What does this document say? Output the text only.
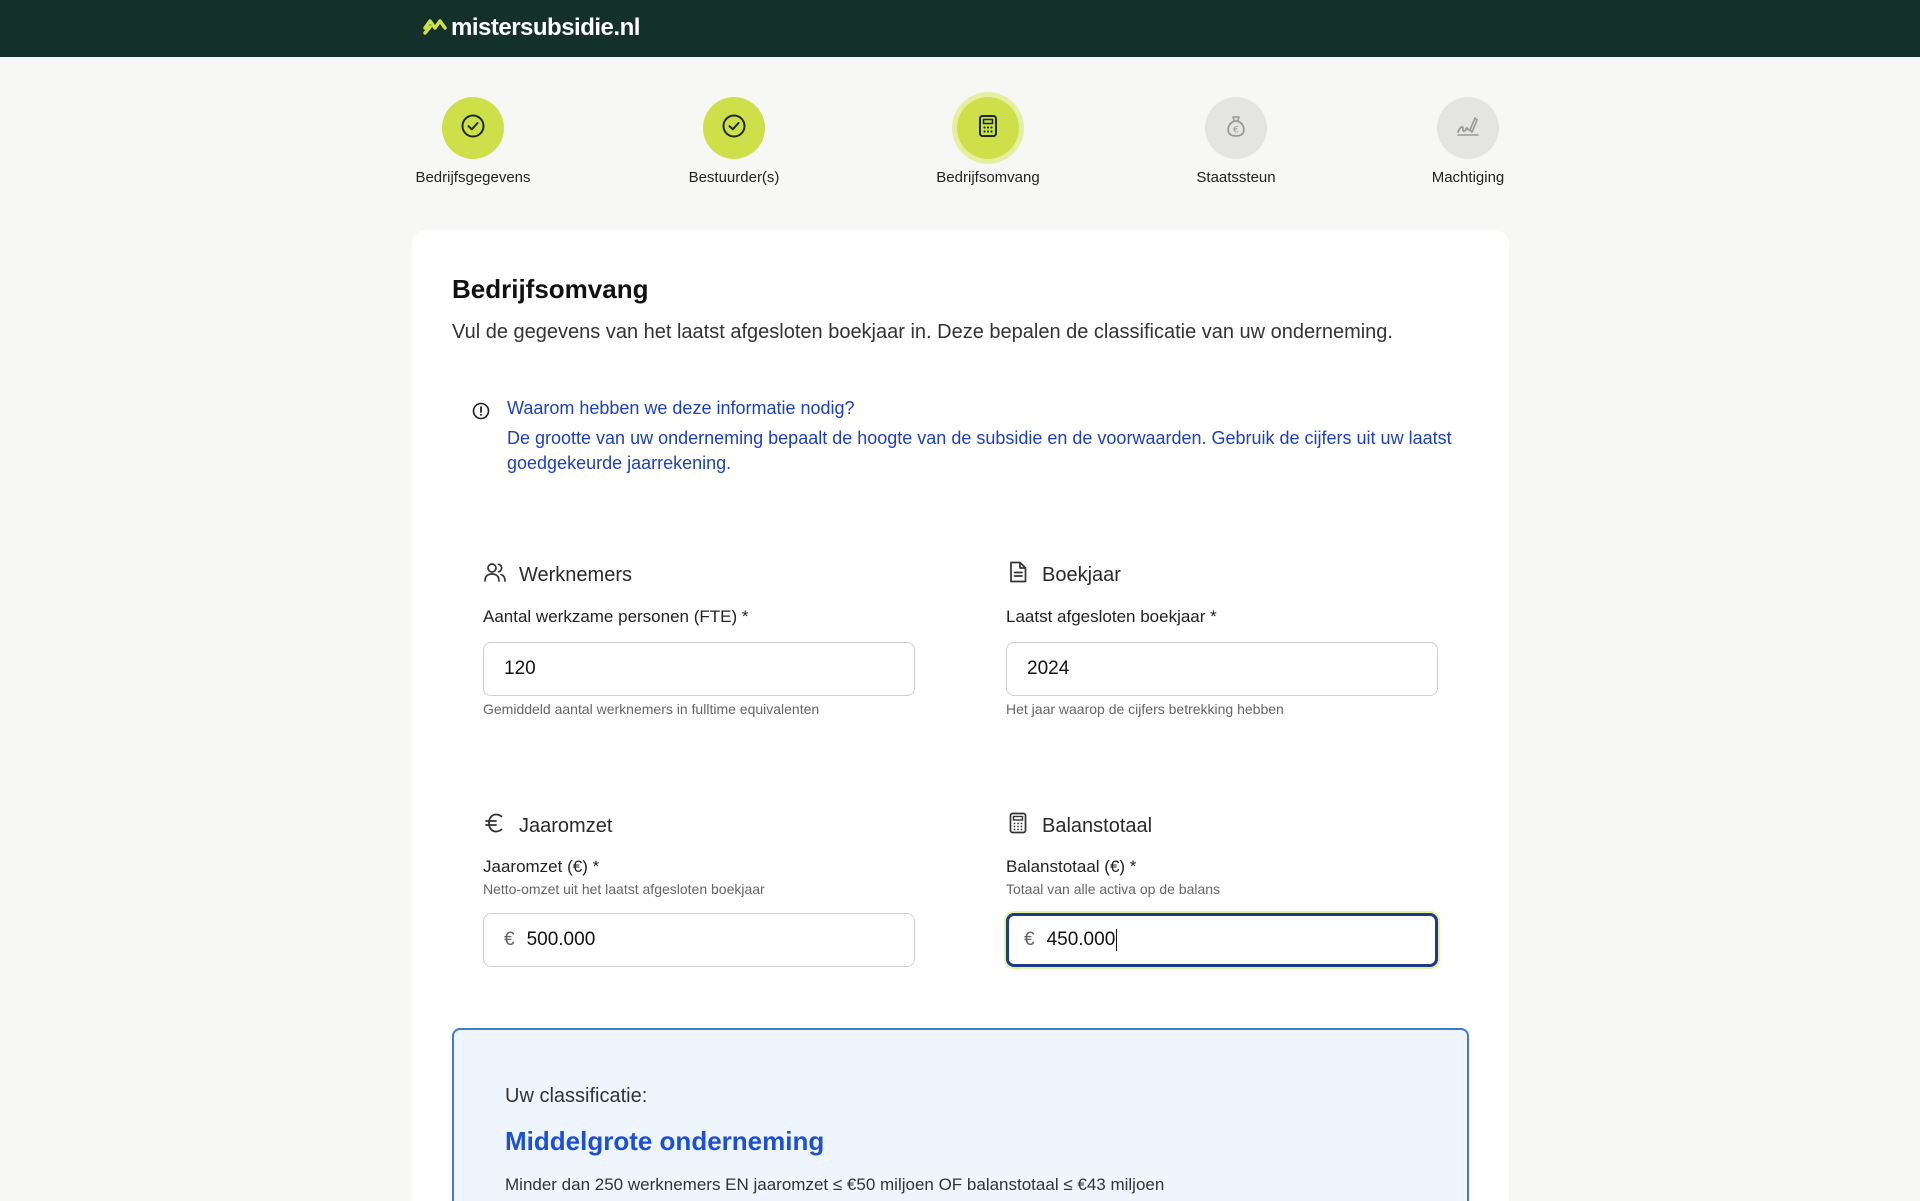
mistersubsidie.nl
Bedrijfsgegevens	Bestuurder(s)	Bedrijfsomvang
€
Staatssteun	Machtiging
Bedrijfsomvang

Vul de gegevens van het laatst afgesloten boekjaar in. Deze bepalen de classificatie van uw onderneming.

Waarom hebben we deze informatie nodig?
De grootte van uw onderneming bepaalt de hoogte van de subsidie en de voorwaarden. Gebruik de cijfers uit uw laatst goedgekeurde jaarrekening.
Werknemers
Aantal werkzame personen (FTE) *
120
Gemiddeld aantal werknemers in fulltime equivalenten
Boekjaar
Laatst afgesloten boekjaar *
2024
Het jaar waarop de cijfers betrekking hebben
Jaaromzet
Jaaromzet (€) *
Netto-omzet uit het laatst afgesloten boekjaar
€ 500.000
Balanstotaal
Balanstotaal (€) *
Totaal van alle activa op de balans
€ 450.000
Uw classificatie:
Middelgrote onderneming
Minder dan 250 werknemers EN jaaromzet ≤ €50 miljoen OF balanstotaal ≤ €43 miljoen
